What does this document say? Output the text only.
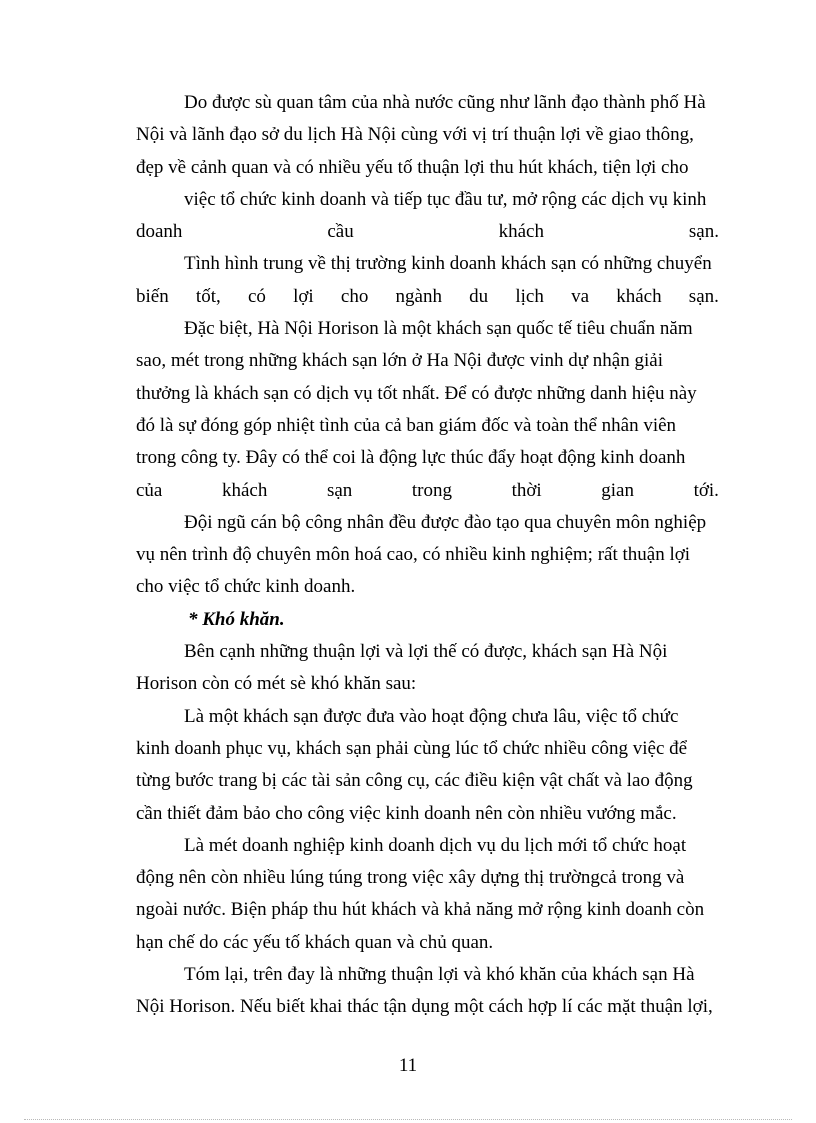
Do được sù quan tâm của nhà nước cũng như lãnh đạo thành phố Hà
Nội và lãnh đạo sở du lịch Hà Nội cùng với vị trí thuận lợi về giao thông,
đẹp về cảnh quan và có nhiều yếu tố thuận lợi thu hút khách, tiện lợi cho
việc tổ chức kinh doanh và tiếp tục đầu tư, mở rộng các dịch vụ kinh
doanh	cầu	khách	sạn.
Tình hình trung về thị trường kinh doanh khách sạn có những chuyển
biến tốt, có lợi cho ngành du lịch va khách sạn.
Đặc biệt, Hà Nội Horison là một khách sạn quốc tế tiêu chuẩn năm
sao, mét trong những khách sạn lớn ở Ha Nội được vinh dự nhận giải
thưởng là khách sạn có dịch vụ tốt nhất. Để có được những danh hiệu này
đó là sự đóng góp nhiệt tình của cả ban giám đốc và toàn thể nhân viên
trong công ty. Đây có thể coi là động lực thúc đẩy hoạt động kinh doanh
của	khách	sạn	trong	thời	gian	tới.
Đội ngũ cán bộ công nhân đều được đào tạo qua chuyên môn nghiệp
vụ nên trình độ chuyên môn hoá cao, có nhiều kinh nghiệm; rất thuận lợi
cho việc tổ chức kinh doanh.
* Khó khăn.
Bên cạnh những thuận lợi và lợi thế có được, khách sạn Hà Nội
Horison còn có mét sè khó khăn sau:
Là một khách sạn được đưa vào hoạt động chưa lâu, việc tổ chức
kinh doanh phục vụ, khách sạn phải cùng lúc tổ chức nhiều công việc để
từng bước trang bị các tài sản công cụ, các điều kiện vật chất và lao động
cần thiết đảm bảo cho công việc kinh doanh nên còn nhiều vướng mắc.
Là mét doanh nghiệp kinh doanh dịch vụ du lịch mới tổ chức hoạt
động nên còn nhiều lúng túng trong việc xây dựng thị trườngcả trong và
ngoài nước. Biện pháp thu hút khách và khả năng mở rộng kinh doanh còn
hạn chế do các yếu tố khách quan và chủ quan.
Tóm lại, trên đay là những thuận lợi và khó khăn của khách sạn Hà
Nội Horison. Nếu biết khai thác tận dụng một cách hợp lí các mặt thuận lợi,
11
